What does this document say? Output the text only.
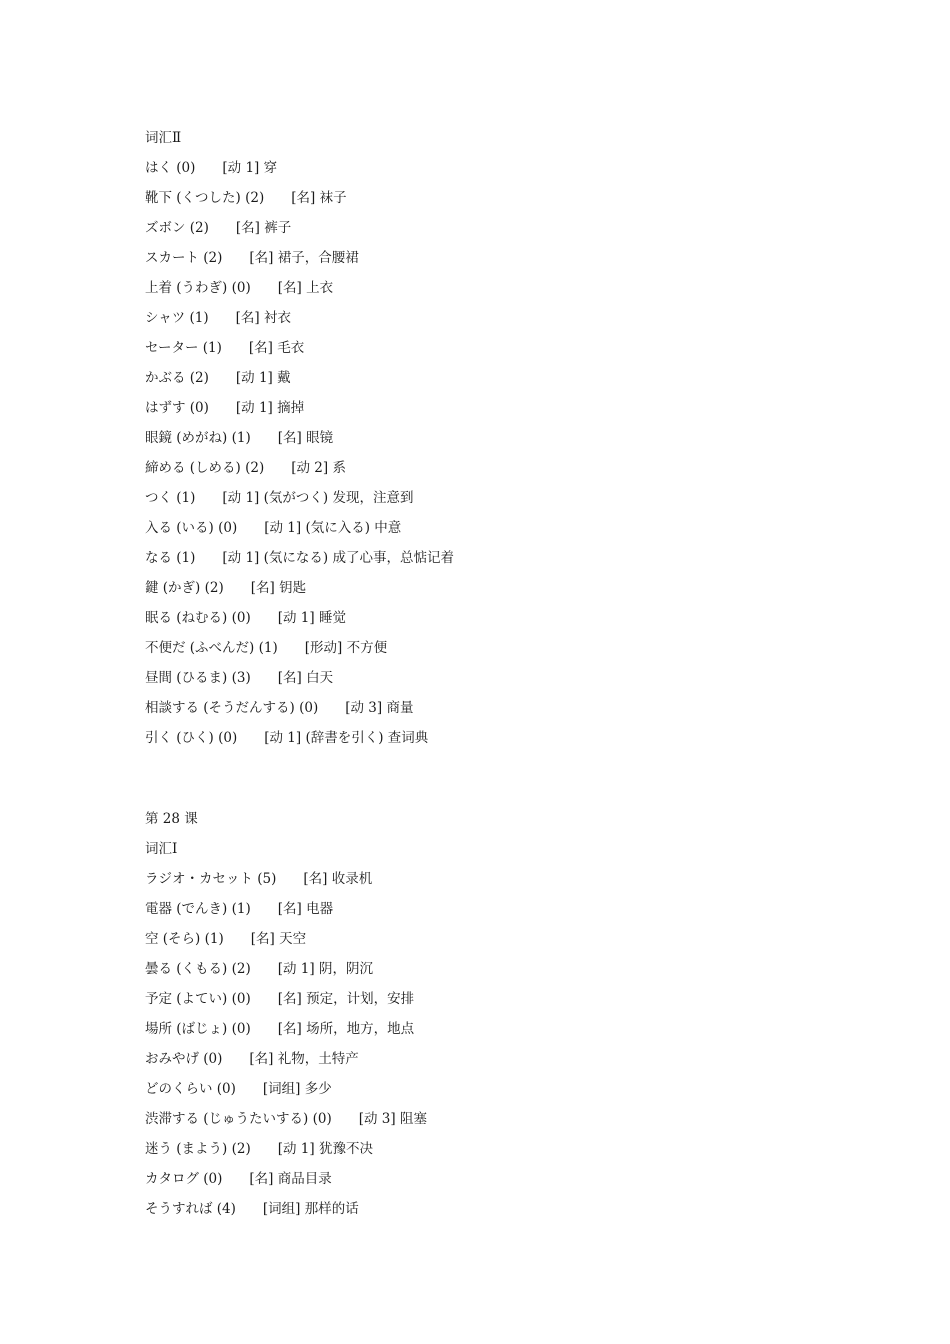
词汇Ⅱ
はく (0)　　[动 1] 穿
靴下 (くつした) (2)　　[名] 袜子
ズボン (2)　　[名] 裤子
スカート (2)　　[名] 裙子，合腰裙
上着 (うわぎ) (0)　　[名] 上衣
シャツ (1)　　[名] 衬衣
セーター (1)　　[名] 毛衣
かぶる (2)　　[动 1] 戴
はずす (0)　　[动 1] 摘掉
眼鏡 (めがね) (1)　　[名] 眼镜
締める (しめる) (2)　　[动 2] 系
つく (1)　　[动 1] (気がつく) 发现，注意到
入る (いる) (0)　　[动 1] (気に入る) 中意
なる (1)　　[动 1] (気になる) 成了心事，总惦记着
鍵 (かぎ) (2)　　[名] 钥匙
眠る (ねむる) (0)　　[动 1] 睡觉
不便だ (ふべんだ) (1)　　[形动] 不方便
昼間 (ひるま) (3)　　[名] 白天
相談する (そうだんする) (0)　　[动 3] 商量
引く (ひく) (0)　　[动 1] (辞書を引く) 查词典
第 28 课
词汇Ⅰ
ラジオ・カセット (5)　　[名] 收录机
電器 (でんき) (1)　　[名] 电器
空 (そら) (1)　　[名] 天空
曇る (くもる) (2)　　[动 1] 阴，阴沉
予定 (よてい) (0)　　[名] 预定，计划，安排
場所 (ばじょ) (0)　　[名] 场所，地方，地点
おみやげ (0)　　[名] 礼物，土特产
どのくらい (0)　　[词组] 多少
渋滞する (じゅうたいする) (0)　　[动 3] 阻塞
迷う (まよう) (2)　　[动 1] 犹豫不决
カタログ (0)　　[名] 商品目录
そうすれば (4)　　[词组] 那样的话
